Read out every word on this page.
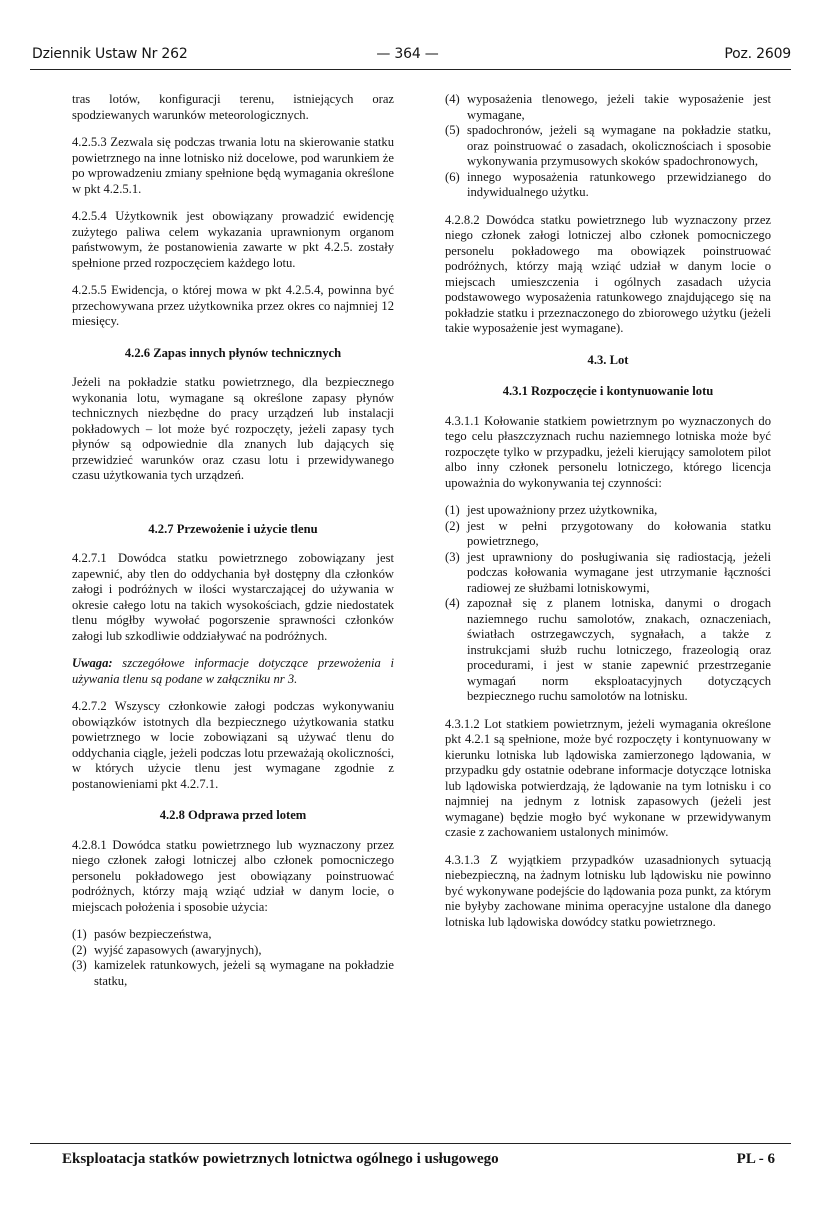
Dziennik Ustaw Nr 262	— 364 —	Poz. 2609

tras lotów, konfiguracji terenu, istniejących oraz spodziewanych warunków meteorologicznych.

4.2.5.3 Zezwala się podczas trwania lotu na skierowanie statku powietrznego na inne lotnisko niż docelowe, pod warunkiem że po wprowadzeniu zmiany spełnione będą wymagania określone w pkt 4.2.5.1.

4.2.5.4 Użytkownik jest obowiązany prowadzić ewidencję zużytego paliwa celem wykazania uprawnionym organom państwowym, że postanowienia zawarte w pkt 4.2.5. zostały spełnione przed rozpoczęciem każdego lotu.

4.2.5.5 Ewidencja, o której mowa w pkt 4.2.5.4, powinna być przechowywana przez użytkownika przez okres co najmniej 12 miesięcy.

4.2.6 Zapas innych płynów technicznych

Jeżeli na pokładzie statku powietrznego, dla bezpiecznego wykonania lotu, wymagane są określone zapasy płynów technicznych niezbędne do pracy urządzeń lub instalacji pokładowych – lot może być rozpoczęty, jeżeli zapasy tych płynów są odpowiednie dla znanych lub dających się przewidzieć warunków oraz czasu lotu i przewidywanego czasu użytkowania tych urządzeń.

4.2.7 Przewożenie i użycie tlenu

4.2.7.1 Dowódca statku powietrznego zobowiązany jest zapewnić, aby tlen do oddychania był dostępny dla członków załogi i podróżnych w ilości wystarczającej do używania w okresie całego lotu na takich wysokościach, gdzie niedostatek tlenu mógłby wywołać pogorszenie sprawności członków załogi lub szkodliwie oddziaływać na podróżnych.

Uwaga: szczegółowe informacje dotyczące przewożenia i używania tlenu są podane w załączniku nr 3.

4.2.7.2 Wszyscy członkowie załogi podczas wykonywaniu obowiązków istotnych dla bezpiecznego użytkowania statku powietrznego w locie zobowiązani są używać tlenu do oddychania ciągle, jeżeli podczas lotu przeważają okoliczności, w których użycie tlenu jest wymagane zgodnie z postanowieniami pkt 4.2.7.1.

4.2.8 Odprawa przed lotem

4.2.8.1 Dowódca statku powietrznego lub wyznaczony przez niego członek załogi lotniczej albo członek pomocniczego personelu pokładowego jest obowiązany poinstruować podróżnych, którzy mają wziąć udział w danym locie, o miejscach położenia i sposobie użycia:

(1) pasów bezpieczeństwa,
(2) wyjść zapasowych (awaryjnych),
(3) kamizelek ratunkowych, jeżeli są wymagane na pokładzie statku,
(4) wyposażenia tlenowego, jeżeli takie wyposażenie jest wymagane,
(5) spadochronów, jeżeli są wymagane na pokładzie statku, oraz poinstruować o zasadach, okolicznościach i sposobie wykonywania przymusowych skoków spadochronowych,
(6) innego wyposażenia ratunkowego przewidzianego do indywidualnego użytku.

4.2.8.2 Dowódca statku powietrznego lub wyznaczony przez niego członek załogi lotniczej albo członek pomocniczego personelu pokładowego ma obowiązek poinstruować podróżnych, którzy mają wziąć udział w danym locie o miejscach umieszczenia i ogólnych zasadach użycia podstawowego wyposażenia ratunkowego znajdującego się na pokładzie statku i przeznaczonego do zbiorowego użytku (jeżeli takie wyposażenie jest wymagane).

4.3. Lot
4.3.1 Rozpoczęcie i kontynuowanie lotu

4.3.1.1 Kołowanie statkiem powietrznym po wyznaczonych do tego celu płaszczyznach ruchu naziemnego lotniska może być rozpoczęte tylko w przypadku, jeżeli kierujący samolotem pilot albo inny członek personelu lotniczego, którego licencja upoważnia do wykonywania tej czynności:

(1) jest upoważniony przez użytkownika,
(2) jest w pełni przygotowany do kołowania statku powietrznego,
(3) jest uprawniony do posługiwania się radiostacją, jeżeli podczas kołowania wymagane jest utrzymanie łączności radiowej ze służbami lotniskowymi,
(4) zapoznał się z planem lotniska, danymi o drogach naziemnego ruchu samolotów, znakach, oznaczeniach, światłach ostrzegawczych, sygnałach, a także z instrukcjami służb ruchu lotniczego, frazeologią oraz procedurami, i jest w stanie zapewnić przestrzeganie wymagań norm eksploatacyjnych dotyczących bezpiecznego ruchu samolotów na lotnisku.

4.3.1.2 Lot statkiem powietrznym, jeżeli wymagania określone pkt 4.2.1 są spełnione, może być rozpoczęty i kontynuowany w kierunku lotniska lub lądowiska zamierzonego lądowania, w przypadku gdy ostatnie odebrane informacje dotyczące lotniska lub lądowiska potwierdzają, że lądowanie na tym lotnisku i co najmniej na jednym z lotnisk zapasowych (jeżeli jest wymagane) będzie mogło być wykonane w przewidywanym czasie z zachowaniem ustalonych minimów.

4.3.1.3 Z wyjątkiem przypadków uzasadnionych sytuacją niebezpieczną, na żadnym lotnisku lub lądowisku nie powinno być wykonywane podejście do lądowania poza punkt, za którym nie byłyby zachowane minima operacyjne ustalone dla danego lotniska lub lądowiska dowódcy statku powietrznego.

Eksploatacja statków powietrznych lotnictwa ogólnego i usługowego	PL - 6
